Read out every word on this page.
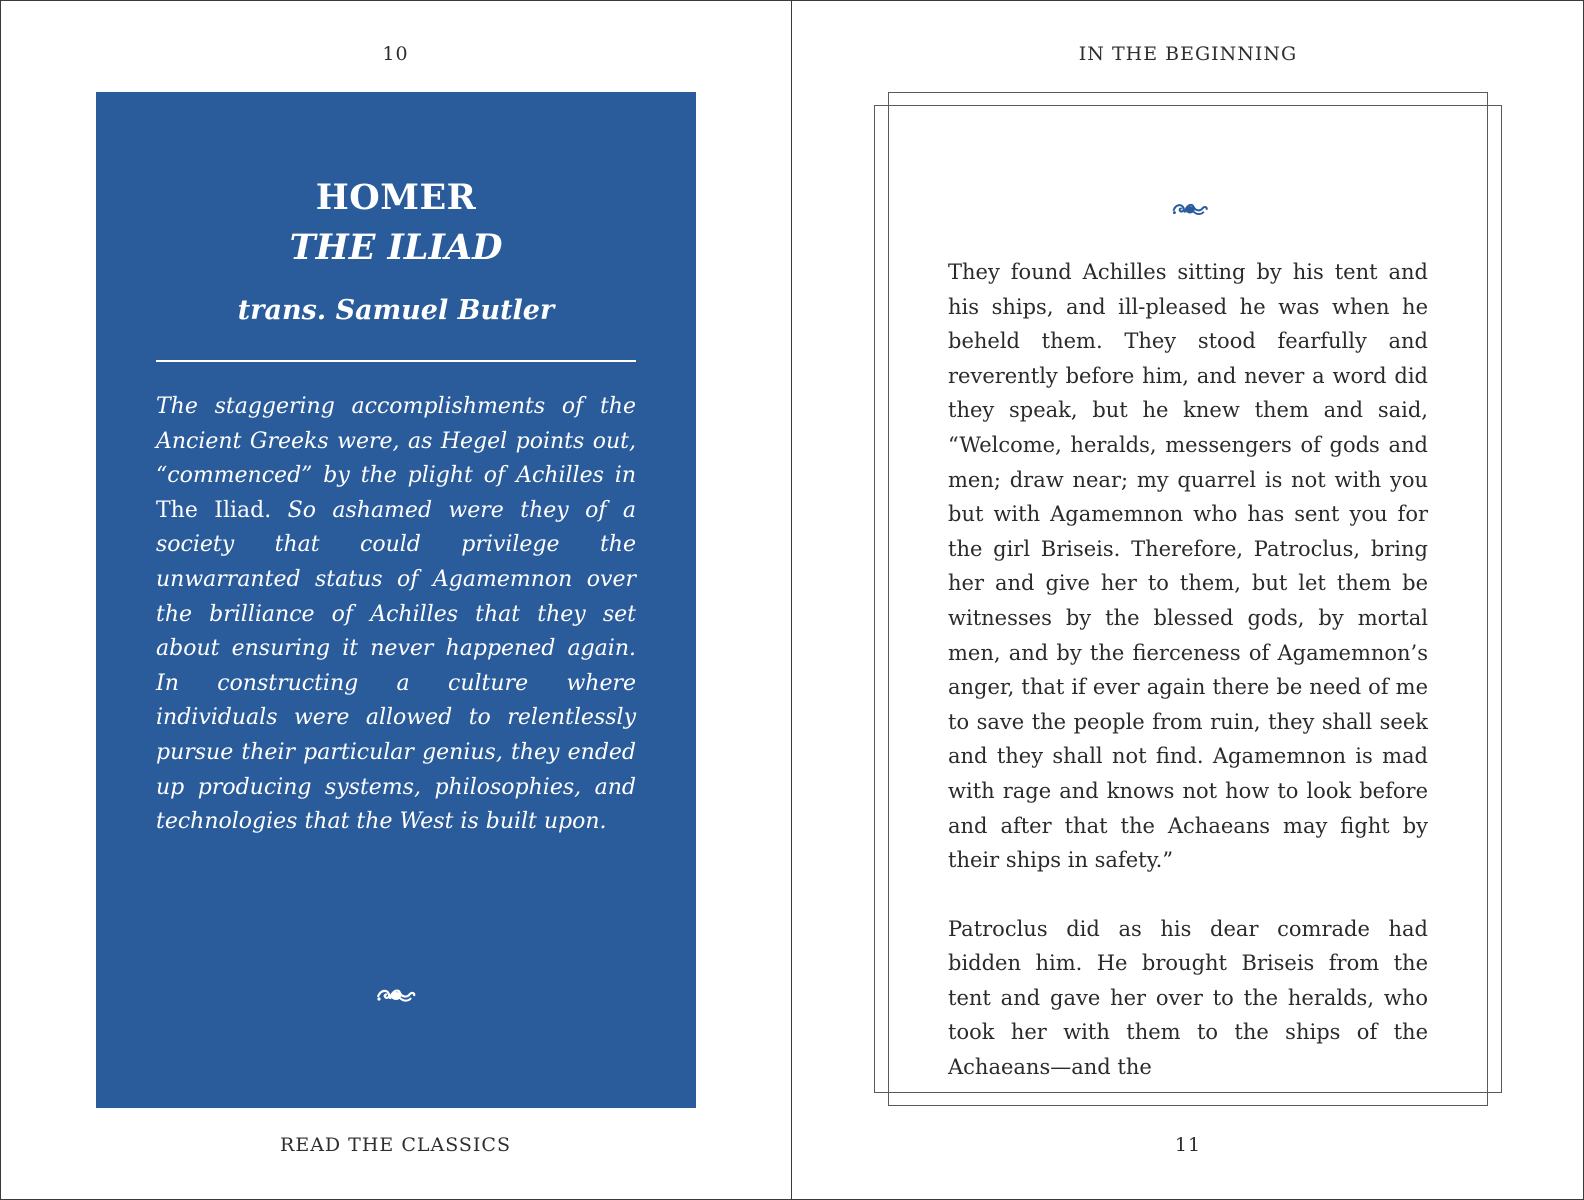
10
HOMER
THE ILIAD
trans. Samuel Butler
The staggering accomplishments of the Ancient Greeks were, as Hegel points out, “commenced” by the plight of Achilles in The Iliad. So ashamed were they of a society that could privilege the unwarranted status of Agamemnon over the brilliance of Achilles that they set about ensuring it never happened again. In constructing a culture where individuals were allowed to relentlessly pursue their particular genius, they ended up producing systems, philosophies, and technologies that the West is built upon.
READ THE CLASSICS
IN THE BEGINNING

They found Achilles sitting by his tent and his ships, and ill-pleased he was when he beheld them. They stood fearfully and reverently before him, and never a word did they speak, but he knew them and said, “Welcome, heralds, messengers of gods and men; draw near; my quarrel is not with you but with Agamemnon who has sent you for the girl Briseis. Therefore, Patroclus, bring her and give her to them, but let them be witnesses by the blessed gods, by mortal men, and by the fierceness of Agamemnon’s anger, that if ever again there be need of me to save the people from ruin, they shall seek and they shall not find. Agamemnon is mad with rage and knows not how to look before and after that the Achaeans may fight by their ships in safety.”

Patroclus did as his dear comrade had bidden him. He brought Briseis from the tent and gave her over to the heralds, who took her with them to the ships of the Achaeans—and the

11
